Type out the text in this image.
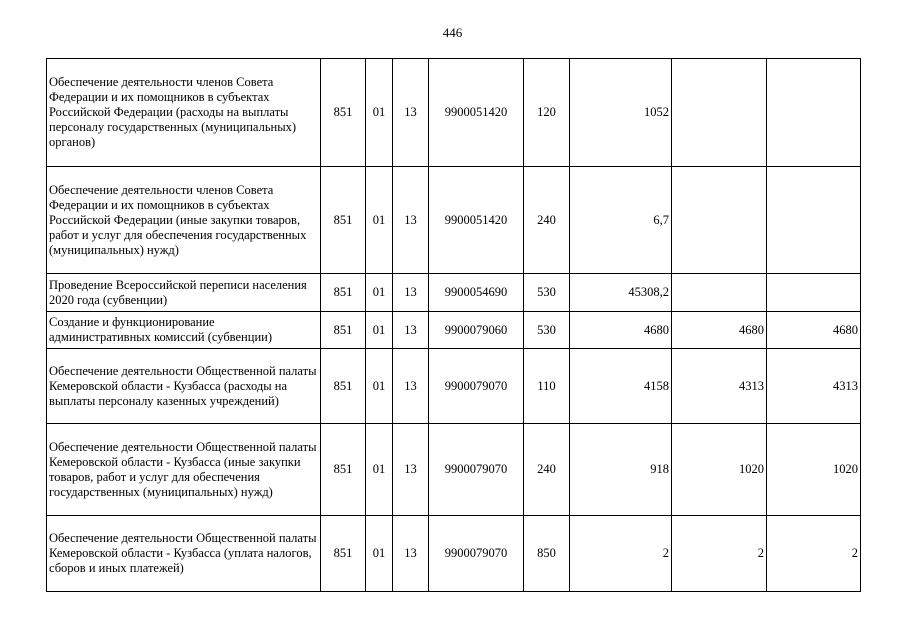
446
Обеспечение деятельности членов Совета Федерации и их помощников в субъектах Российской Федерации (расходы на выплаты персоналу государственных (муниципальных) органов)	851	01	13	9900051420	120	1052		
Обеспечение деятельности членов Совета Федерации и их помощников в субъектах Российской Федерации (иные закупки товаров, работ и услуг для обеспечения государственных (муниципальных) нужд)	851	01	13	9900051420	240	6,7		
Проведение Всероссийской переписи населения 2020 года (субвенции)	851	01	13	9900054690	530	45308,2		
Создание и функционирование административных комиссий (субвенции)	851	01	13	9900079060	530	4680	4680	4680
Обеспечение деятельности Общественной палаты Кемеровской области - Кузбасса (расходы на выплаты персоналу казенных учреждений)	851	01	13	9900079070	110	4158	4313	4313
Обеспечение деятельности Общественной палаты Кемеровской области - Кузбасса (иные закупки товаров, работ и услуг для обеспечения государственных (муниципальных) нужд)	851	01	13	9900079070	240	918	1020	1020
Обеспечение деятельности Общественной палаты Кемеровской области - Кузбасса (уплата налогов, сборов и иных платежей)	851	01	13	9900079070	850	2	2	2
